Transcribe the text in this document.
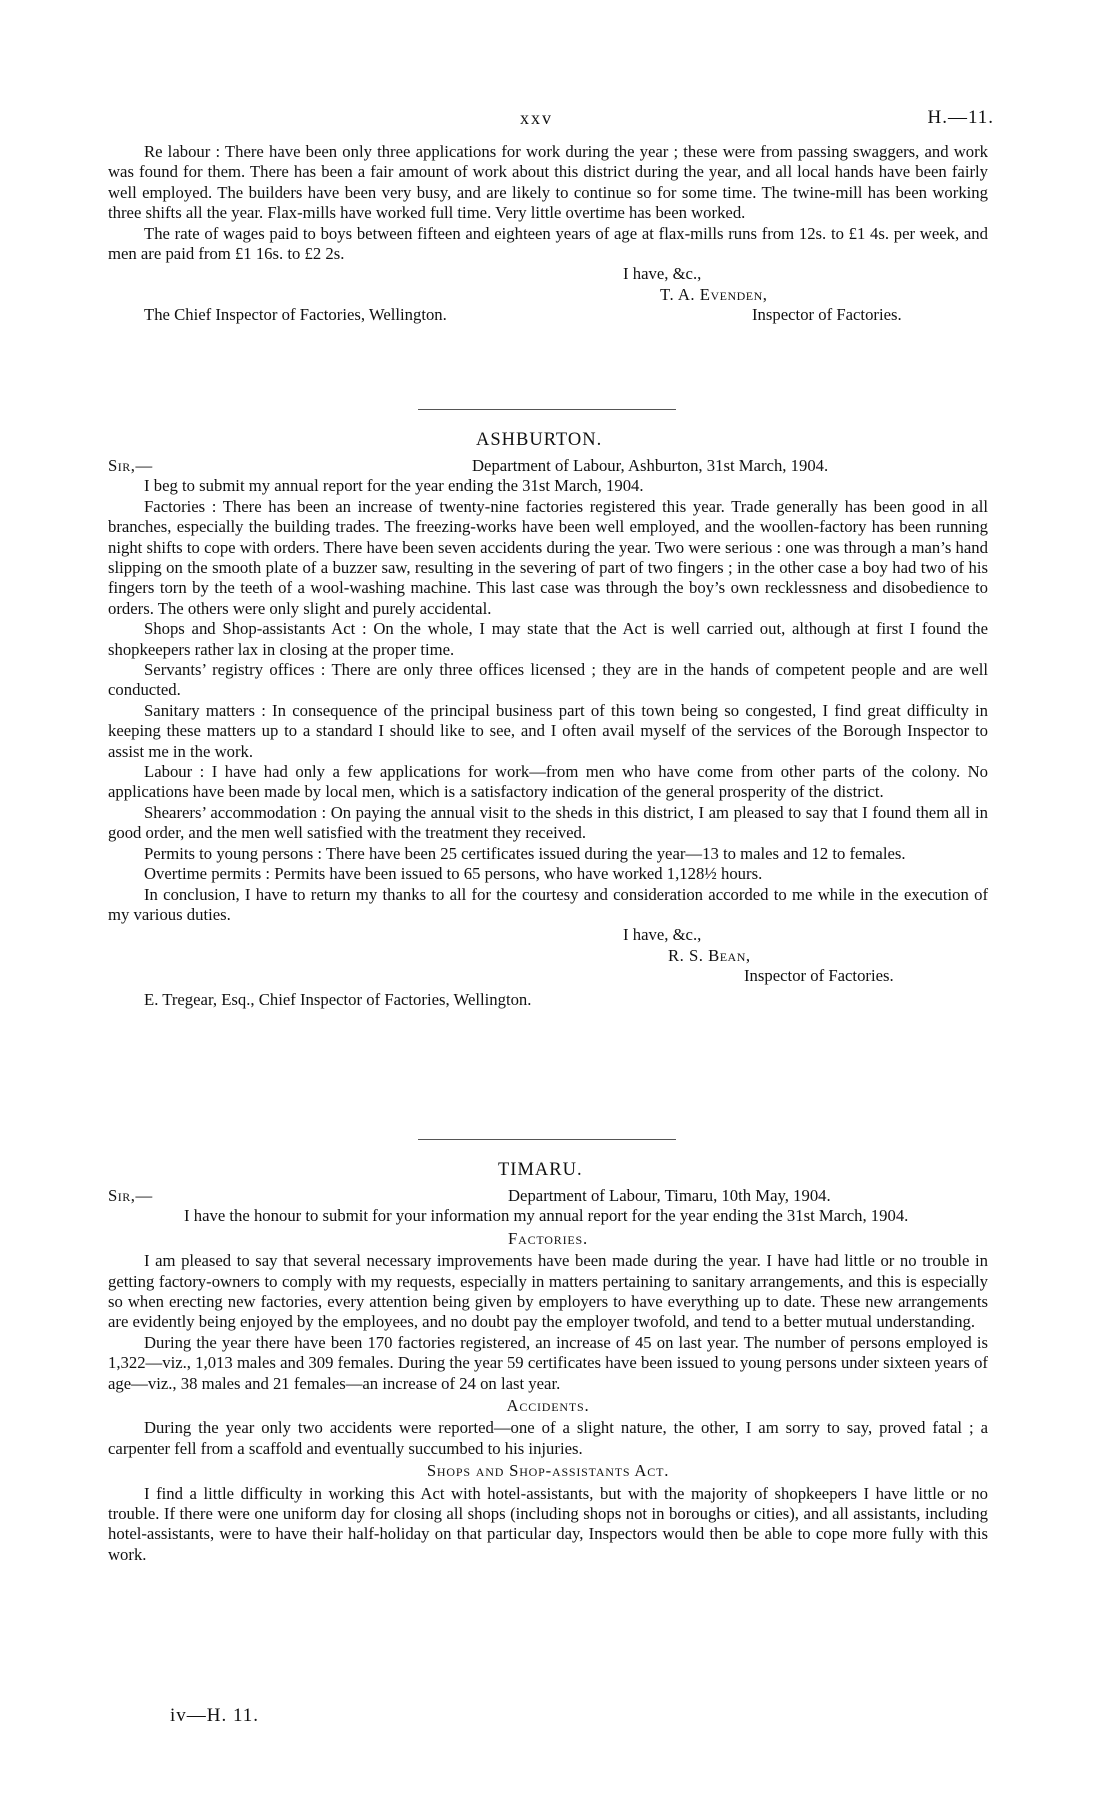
xxv	H.—11.

Re labour : There have been only three applications for work during the year ; these were from passing swaggers, and work was found for them. There has been a fair amount of work about this district during the year, and all local hands have been fairly well employed. The builders have been very busy, and are likely to continue so for some time. The twine-mill has been working three shifts all the year. Flax-mills have worked full time. Very little overtime has been worked.

The rate of wages paid to boys between fifteen and eighteen years of age at flax-mills runs from 12s. to £1 4s. per week, and men are paid from £1 16s. to £2 2s.

I have, &c.,
T. A. Evenden,
The Chief Inspector of Factories, Wellington.	Inspector of Factories.
ASHBURTON.
Sir,—	Department of Labour, Ashburton, 31st March, 1904.

I beg to submit my annual report for the year ending the 31st March, 1904.

Factories : There has been an increase of twenty-nine factories registered this year. Trade generally has been good in all branches, especially the building trades. The freezing-works have been well employed, and the woollen-factory has been running night shifts to cope with orders. There have been seven accidents during the year. Two were serious : one was through a man’s hand slipping on the smooth plate of a buzzer saw, resulting in the severing of part of two fingers ; in the other case a boy had two of his fingers torn by the teeth of a wool-washing machine. This last case was through the boy’s own recklessness and disobedience to orders. The others were only slight and purely accidental.

Shops and Shop-assistants Act : On the whole, I may state that the Act is well carried out, although at first I found the shopkeepers rather lax in closing at the proper time.

Servants’ registry offices : There are only three offices licensed ; they are in the hands of competent people and are well conducted.

Sanitary matters : In consequence of the principal business part of this town being so congested, I find great difficulty in keeping these matters up to a standard I should like to see, and I often avail myself of the services of the Borough Inspector to assist me in the work.

Labour : I have had only a few applications for work—from men who have come from other parts of the colony. No applications have been made by local men, which is a satisfactory indication of the general prosperity of the district.

Shearers’ accommodation : On paying the annual visit to the sheds in this district, I am pleased to say that I found them all in good order, and the men well satisfied with the treatment they received.

Permits to young persons : There have been 25 certificates issued during the year—13 to males and 12 to females.

Overtime permits : Permits have been issued to 65 persons, who have worked 1,128½ hours.

In conclusion, I have to return my thanks to all for the courtesy and consideration accorded to me while in the execution of my various duties.

I have, &c.,
R. S. Bean,
Inspector of Factories.
E. Tregear, Esq., Chief Inspector of Factories, Wellington.
TIMARU.
Sir,—	Department of Labour, Timaru, 10th May, 1904.

I have the honour to submit for your information my annual report for the year ending the 31st March, 1904.

Factories.

I am pleased to say that several necessary improvements have been made during the year. I have had little or no trouble in getting factory-owners to comply with my requests, especially in matters pertaining to sanitary arrangements, and this is especially so when erecting new factories, every attention being given by employers to have everything up to date. These new arrangements are evidently being enjoyed by the employees, and no doubt pay the employer twofold, and tend to a better mutual understanding.

During the year there have been 170 factories registered, an increase of 45 on last year. The number of persons employed is 1,322—viz., 1,013 males and 309 females. During the year 59 certificates have been issued to young persons under sixteen years of age—viz., 38 males and 21 females—an increase of 24 on last year.

Accidents.

During the year only two accidents were reported—one of a slight nature, the other, I am sorry to say, proved fatal ; a carpenter fell from a scaffold and eventually succumbed to his injuries.

Shops and Shop-assistants Act.

I find a little difficulty in working this Act with hotel-assistants, but with the majority of shopkeepers I have little or no trouble. If there were one uniform day for closing all shops (including shops not in boroughs or cities), and all assistants, including hotel-assistants, were to have their half-holiday on that particular day, Inspectors would then be able to cope more fully with this work.

iv—H. 11.
